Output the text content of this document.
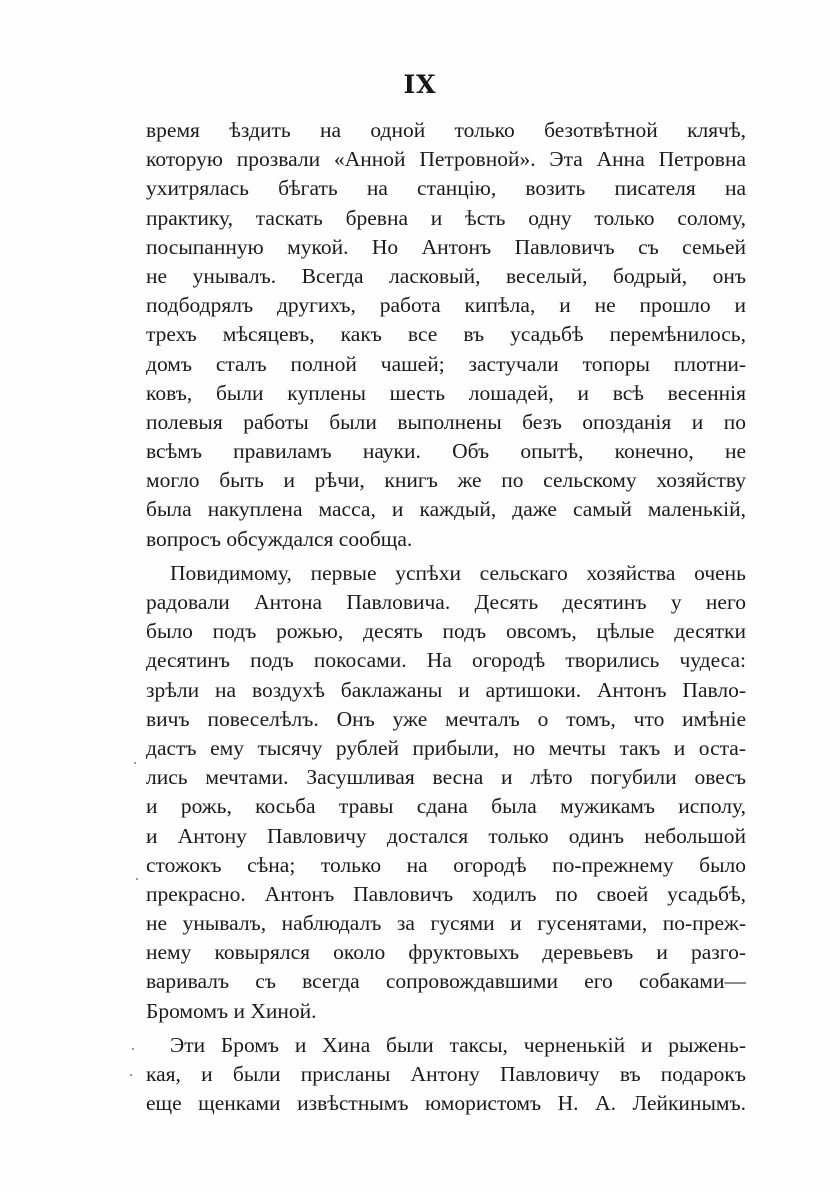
IX
время ѣздить на одной только безотвѣтной клячѣ,
которую прозвали «Анной Петровной». Эта Анна Петровна
ухитрялась бѣгать на станцію, возить писателя на
практику, таскать бревна и ѣсть одну только солому,
посыпанную мукой. Но Антонъ Павловичъ съ семьей
не унывалъ. Всегда ласковый, веселый, бодрый, онъ
подбодрялъ другихъ, работа кипѣла, и не прошло и
трехъ мѣсяцевъ, какъ все въ усадьбѣ перемѣнилось,
домъ сталъ полной чашей; застучали топоры плотни-
ковъ, были куплены шесть лошадей, и всѣ весеннія
полевыя работы были выполнены безъ опозданія и по
всѣмъ правиламъ науки. Объ опытѣ, конечно, не
могло быть и рѣчи, книгъ же по сельскому хозяйству
была накуплена масса, и каждый, даже самый маленькій,
вопросъ обсуждался сообща.
Повидимому, первые успѣхи сельскаго хозяйства очень
радовали Антона Павловича. Десять десятинъ у него
было подъ рожью, десять подъ овсомъ, цѣлые десятки
десятинъ подъ покосами. На огородѣ творились чудеса:
зрѣли на воздухѣ баклажаны и артишоки. Антонъ Павло-
вичъ повеселѣлъ. Онъ уже мечталъ о томъ, что имѣніе
дастъ ему тысячу рублей прибыли, но мечты такъ и оста-
лись мечтами. Засушливая весна и лѣто погубили овесъ
и рожь, косьба травы сдана была мужикамъ исполу,
и Антону Павловичу достался только одинъ небольшой
стожокъ сѣна; только на огородѣ по-прежнему было
прекрасно. Антонъ Павловичъ ходилъ по своей усадьбѣ,
не унывалъ, наблюдалъ за гусями и гусенятами, по-преж-
нему ковырялся около фруктовыхъ деревьевъ и разго-
варивалъ съ всегда сопровождавшими его собаками—
Бромомъ и Хиной.
Эти Бромъ и Хина были таксы, черненькій и рыжень-
кая, и были присланы Антону Павловичу въ подарокъ
еще щенками извѣстнымъ юмористомъ Н. А. Лейкинымъ.
